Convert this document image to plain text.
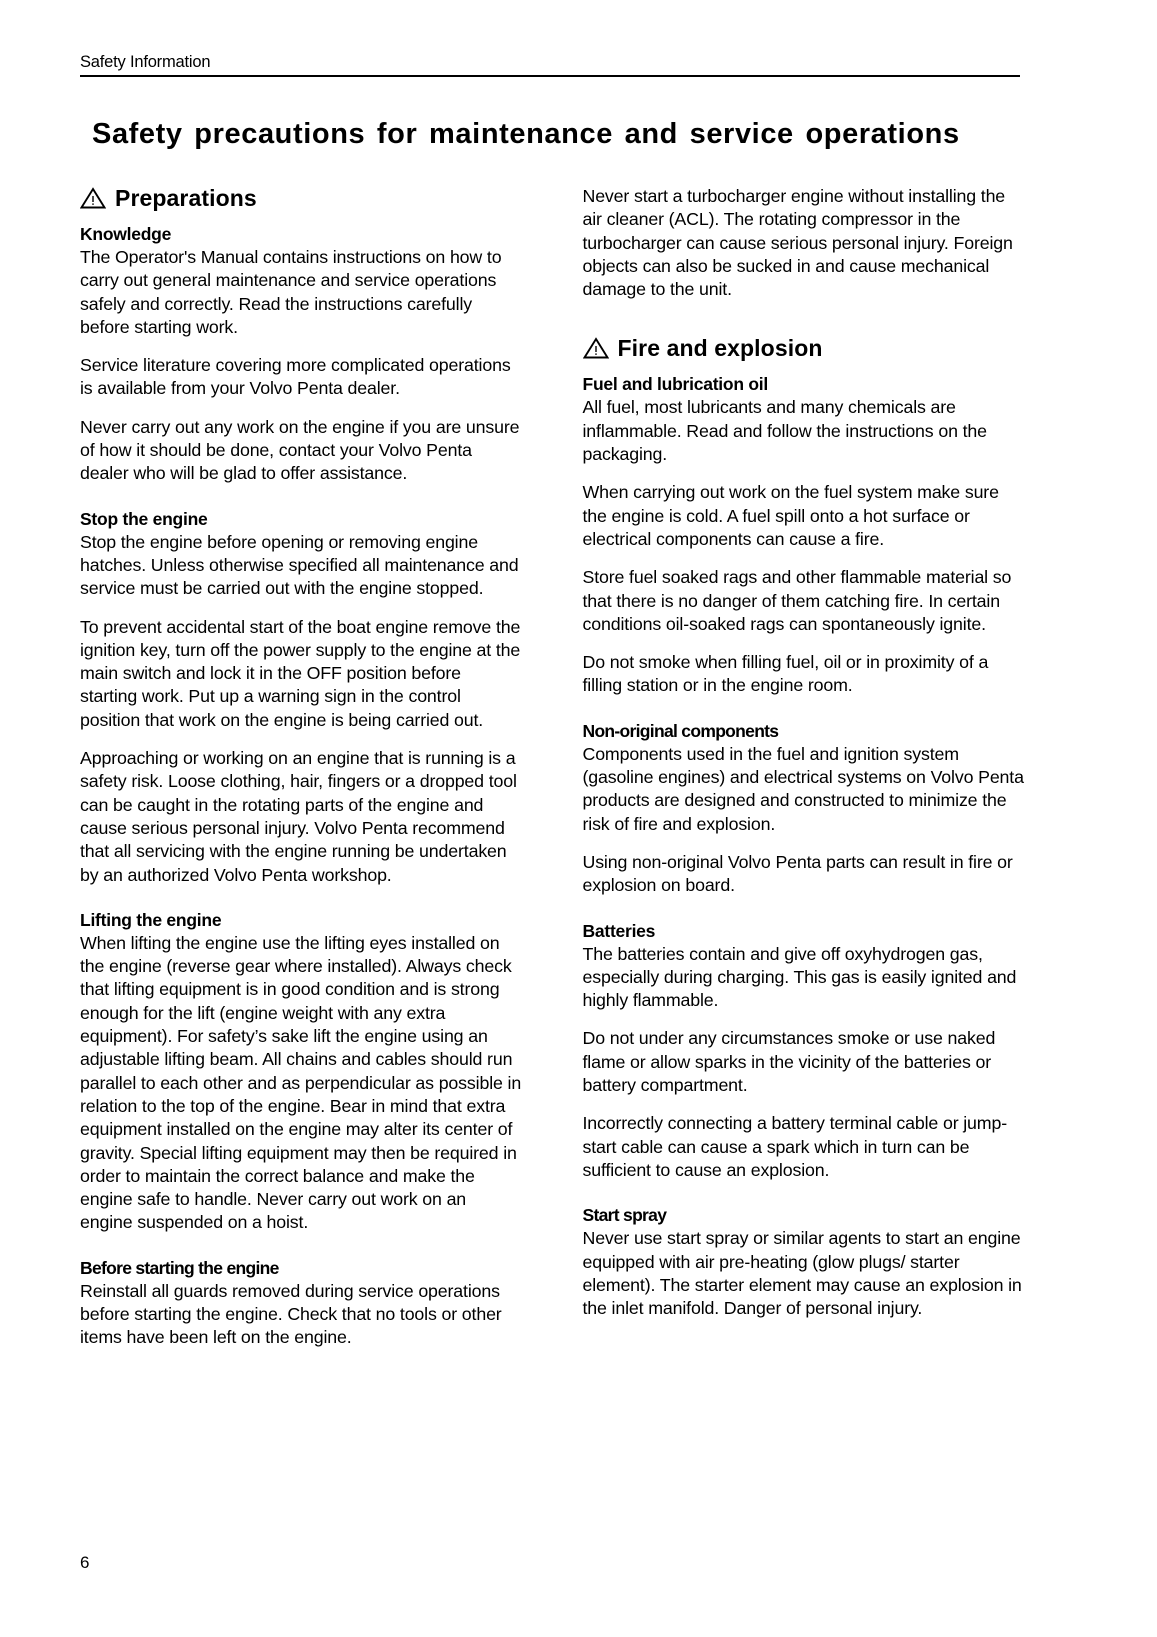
Safety Information
Safety precautions for maintenance and service operations
Preparations
Knowledge

The Operator's Manual contains instructions on how to carry out general maintenance and service operations safely and correctly. Read the instructions carefully before starting work.

Service literature covering more complicated operations is available from your Volvo Penta dealer.

Never carry out any work on the engine if you are unsure of how it should be done, contact your Volvo Penta dealer who will be glad to offer assistance.

Stop the engine

Stop the engine before opening or removing engine hatches. Unless otherwise specified all maintenance and service must be carried out with the engine stopped.

To prevent accidental start of the boat engine remove the ignition key, turn off the power supply to the engine at the main switch and lock it in the OFF position before starting work. Put up a warning sign in the control position that work on the engine is being carried out.

Approaching or working on an engine that is running is a safety risk. Loose clothing, hair, fingers or a dropped tool can be caught in the rotating parts of the engine and cause serious personal injury. Volvo Penta recommend that all servicing with the engine running be undertaken by an authorized Volvo Penta workshop.

Lifting the engine

When lifting the engine use the lifting eyes installed on the engine (reverse gear where installed). Always check that lifting equipment is in good condition and is strong enough for the lift (engine weight with any extra equipment). For safety’s sake lift the engine using an adjustable lifting beam. All chains and cables should run parallel to each other and as perpendicular as possible in relation to the top of the engine. Bear in mind that extra equipment installed on the engine may alter its center of gravity. Special lifting equipment may then be required in order to maintain the correct balance and make the engine safe to handle. Never carry out work on an engine suspended on a hoist.

Before starting the engine

Reinstall all guards removed during service operations before starting the engine. Check that no tools or other items have been left on the engine.

Never start a turbocharger engine without installing the air cleaner (ACL). The rotating compressor in the turbocharger can cause serious personal injury. Foreign objects can also be sucked in and cause mechanical damage to the unit.

Fire and explosion
Fuel and lubrication oil

All fuel, most lubricants and many chemicals are inflammable. Read and follow the instructions on the packaging.

When carrying out work on the fuel system make sure the engine is cold. A fuel spill onto a hot surface or electrical components can cause a fire.

Store fuel soaked rags and other flammable material so that there is no danger of them catching fire. In certain conditions oil-soaked rags can spontaneously ignite.

Do not smoke when filling fuel, oil or in proximity of a filling station or in the engine room.

Non-original components

Components used in the fuel and ignition system (gasoline engines) and electrical systems on Volvo Penta products are designed and constructed to minimize the risk of fire and explosion.

Using non-original Volvo Penta parts can result in fire or explosion on board.

Batteries

The batteries contain and give off oxyhydrogen gas, especially during charging. This gas is easily ignited and highly flammable.

Do not under any circumstances smoke or use naked flame or allow sparks in the vicinity of the batteries or battery compartment.

Incorrectly connecting a battery terminal cable or jump-start cable can cause a spark which in turn can be sufficient to cause an explosion.

Start spray

Never use start spray or similar agents to start an engine equipped with air pre-heating (glow plugs/ starter element). The starter element may cause an explosion in the inlet manifold. Danger of personal injury.

6
